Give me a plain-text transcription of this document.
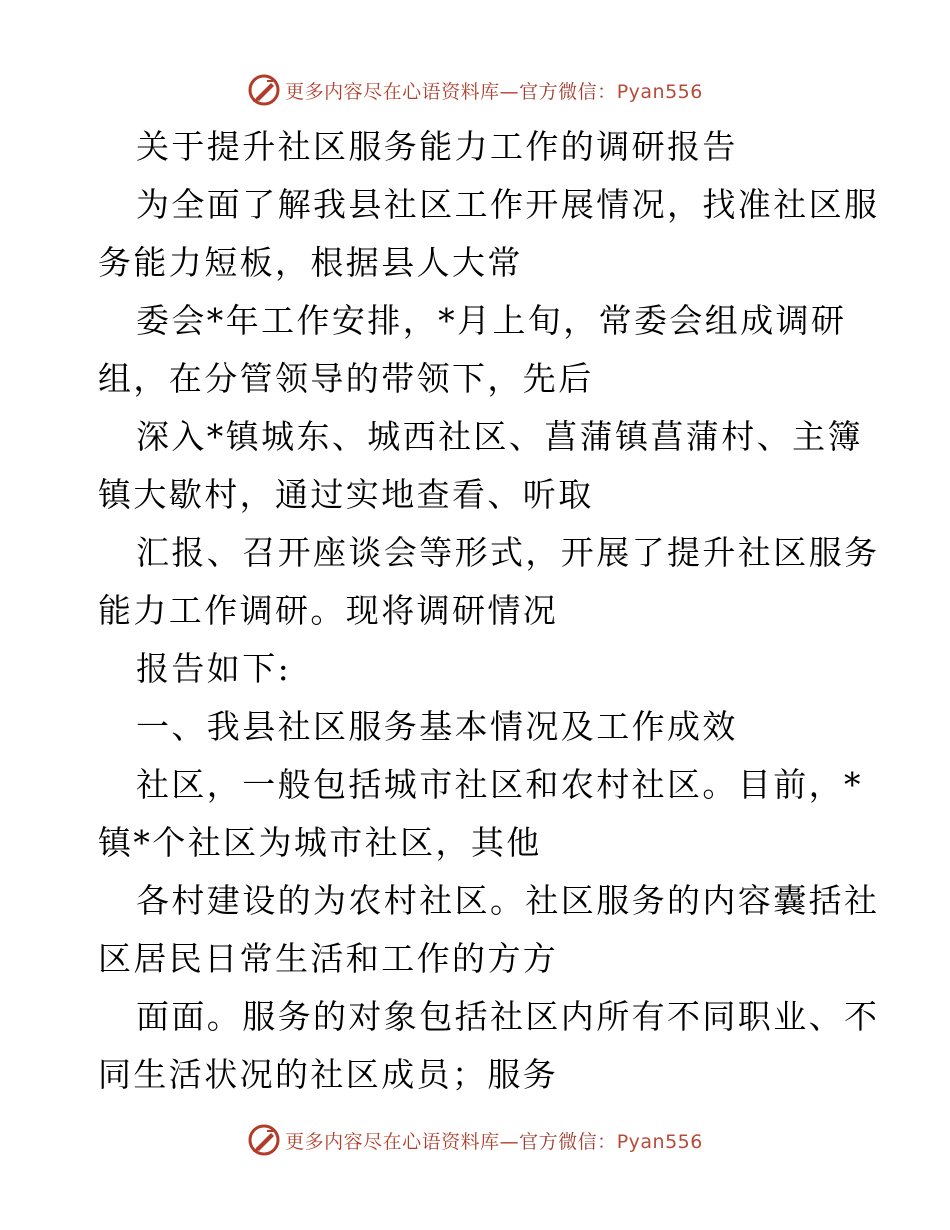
更多内容尽在心语资料库—官方微信：Pyan556
关于提升社区服务能力工作的调研报告
为全面了解我县社区工作开展情况，找准社区服
务能力短板，根据县人大常
委会*年工作安排，*月上旬，常委会组成调研
组，在分管领导的带领下，先后
深入*镇城东、城西社区、菖蒲镇菖蒲村、主簿
镇大歇村，通过实地查看、听取
汇报、召开座谈会等形式，开展了提升社区服务
能力工作调研。现将调研情况
报告如下:
一、我县社区服务基本情况及工作成效
社区，一般包括城市社区和农村社区。目前，*
镇*个社区为城市社区，其他
各村建设的为农村社区。社区服务的内容囊括社
区居民日常生活和工作的方方
面面。服务的对象包括社区内所有不同职业、不
同生活状况的社区成员；服务
更多内容尽在心语资料库—官方微信：Pyan556
